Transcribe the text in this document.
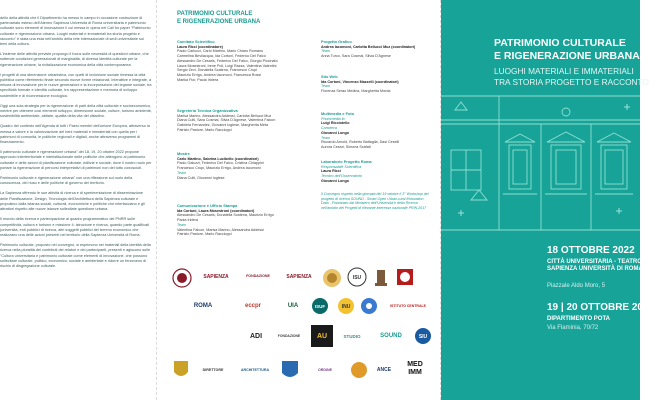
dello della attività che il Dipartimento ha messo in campo in occasione costruzione di partenariato esteso dell'Ateneo Sapienza Università di Roma universitaria e patrimonio culturale sono elementi di innovazione il cui messa in opera nel Call for paper "Patrimonio culturale e rigenerazione urbana. Luoghi materiali e immateriali tra storia progetto e racconto" è stata una esta nell'ambito della rete internazionale di sedi universitarie sui temi della cultura.

L'insieme delle attività previste propongo il focus sulle necessità di questioni urbane, che sottende condizioni generazionali di marginalità, di diversa identità culturale per la rigenerazione urbane, la rivitalizzazione economica della città contemporanea.

I progetti di una dimensione urbanistica, con quelli di inclusione sociale rimessa la città pubblica come riferimento finale secondo nuove forme relazionali, interattive e integrate, a misura di innovazione per le nuove generazioni e la incorporazione dei legame sociale, tra specificità formale e identità culturale, tra rappresentazione e memoria di sviluppo sostenibile e di riconnessione ecologica.

Oggi una sola strategia per la rigenerazione di parti della città culturale e socioeconomico, mentre per ottenere così elementi sviluppo, dimensione sociale, culture, turismo ambiente, sostenibilità ambientale, abitare, qualità della vita del cittadino.

Quadro del contesto dell'Agenda di tutti i Paesi membri dell'unione Europea, attraverso la messa a valore e la valorizzazione del beni materiali e immateriali con quella per i patrimoni di comunità, le politiche regionali e digitali, anche attraverso programmi di finanziamento.

Il patrimonio culturale e rigenerazione urbana" del 18, 19, 20 ottobre 2022 propone approccio interterritoriale e interistituzionale delle politiche che attengono al patrimonio culturale e delle azioni di pianificazione culturale, edilizie e sociale, dove il nostro ruolo per portare la rigenerazione di percorsi interpretativi di patrimoni non del tutto conosciuti.

Patrimonio culturale e rigenerazione urbana" con una riflessione sul ruolo della conoscenza, del riuso e delle politiche di governo del territorio.

La Sapienza offrendo le sue attività di ricerca e di sperimentazione di disseminazione delle Pianificazione, Design, Tecnologia dell'Architettura della Sapienza culturale e propulsivo dalla istanza sociali, culturali, economiche e politiche che interfacciano e gli attrattori rispetto alle nuove istanze sollecitate questione urbana.

Il mondo della ricerca e partecipazione al quadro programmatico del PNRR sulle competitività, cultura e turismo e missione 4: istruzione e ricerca, quando parte qualificati (università, enti pubblici di ricerca, altri soggetti pubblici del terreno economico che realizzano una delle azioni presenti nel territorio della Sapienza Università di Roma.

Patrimonio culturale, proposto nel convegno, si esprimono nei materiali della identità della ricerca nella pluralità dei contributi dei relatori e dei partecipanti, presenti e agiscono sulle "Cultura universitaria e patrimonio culturale come elementi di innovazione, che possono sollecitare culturale, politico, economico, sociale e ambientale e ridurre un fenomeno di rischio di disgregazione culturale.

PATRIMONIO CULTURALE
E RIGENERAZIONE URBANA
Comitato Scientifico
Laura Ricci (coordinatore)
Paolo Carlucci, Carlo Martino, Mario Chiaro Romano
Carmelina Bevilacqua, Ida Cortoni, Federico Del Falco
Alessandro De Cesaris, Federico Del Falco, Giorgio Piccinato
Laura Mosestroni, Irene Poli, Luigi Razza, Valentina Valentini
Sergio Zevi, Donatella Scatena, Francesco Crupi
Maurizio Errigo, Andrea Iacomoni, Francesca Rossi
Marika Fior, Paola Iridera
Segreteria Tecnica Organizzativa
Marisa Marino, Alessandra Addessi, Carlotta Bellucci Muz
Diana Culti, Sara Cosmai, Silvia D'Agnese, Valentina Falcon
Gabriela Fernandez, Giovanni Ioglese, Margherita Meta
Patrizio Pastore, Mario Raccioppi
Mostre
Carlo Martino, Sabrina Lucibello (coordinatori)
Paolo Galuzzi, Federico Del Falco, Cristina Chiappini
Francesco Crupi, Maurizio Errigo, Andrea Iacomoni
Team
Diana Culti, Giovanni Ioglese
Comunicazione e Ufficio Stampa
Ida Cortoni, Laura Mosestroni (coordinatori)
Alessandro De Cesaris, Donatella Scatena, Maurizio Errigo
Paola Iridera
Team
Valentina Falcon, Marisa Marino, Alessandra Addessi
Patrizio Pastore, Mario Raccioppi
Progetto Grafico
Andrea Iacomoni, Carlotta Bellucci Muz (coordinatori)
Team
Anna Turco, Sara Cosmai, Silvia D'Agnese
Sito Web
Ida Cortoni, Vincenzo Mazzelli (coordinatori)
Team
Fiorenza Serao Medina, Margherita Morda
Multimedia e Foto
Photomedia lb
Luigi Ricciotello
Cartoteca
Giovanni Longo
Team
Riccardo Arnold, Roberto Battaglia, Dasi Ceselli
Aurora Cesari, Simona Scafati
Laboratorio Progetto Roma
Responsabile Scientifica
Laura Ricci
Tecnico dell'Osservatorio
Giovanni Longo
Il Convegno rispetto nella giornata del 19 ottobre il 3° Workshop del progetto di ricerca SOUND - Smart Open Urban-rural iNnovation Data - Finanziato dal Ministero dell'Università e della Ricerca nell'ambito dei Progetti di rilevante interesse nazionale PRIN 2017
SAPIENZA	FONDAZIONE	SAPIENZA	ISU
ROMA	eccpr	UIA	ISUF	INU	ISTITUTO CENTRALE
ADI	FONDAZIONE	AU	STUDIO	SOUND	SIU
DIRETTORE	ARCHITETTURA	ORDINE	ANCE
MED
IMM
PATRIMONIO CULTURALE
E RIGENERAZIONE URBANA
LUOGHI MATERIALI E IMMATERIALI
TRA STORIA PROGETTO E RACCONTO
18 OTTOBRE 2022
CITTÀ UNIVERSITARIA - TEATRO ATENEO
SAPIENZA UNIVERSITÀ DI ROMA
Piazzale Aldo Moro, 5
19 | 20 OTTOBRE 2022
DIPARTIMENTO POTA
Via Flaminia, 70/72
